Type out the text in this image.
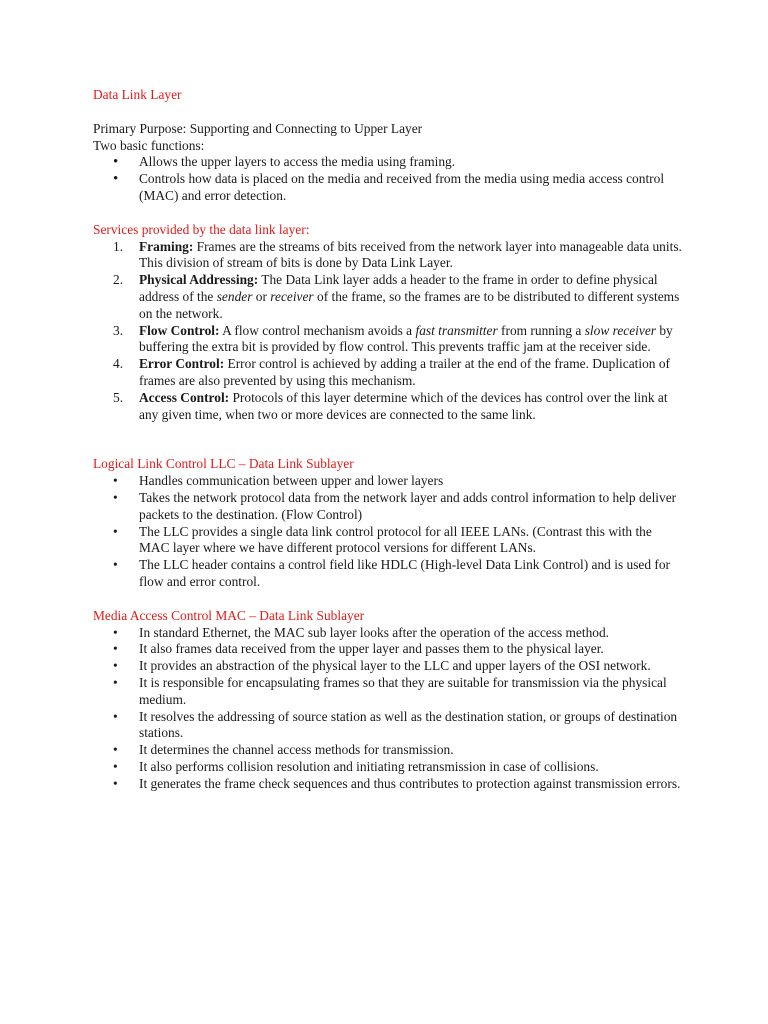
Data Link Layer

Primary Purpose: Supporting and Connecting to Upper Layer

Two basic functions:

• Allows the upper layers to access the media using framing.
• Controls how data is placed on the media and received from the media using media access control (MAC) and error detection.

Services provided by the data link layer:

1. Framing: Frames are the streams of bits received from the network layer into manageable data units. This division of stream of bits is done by Data Link Layer.
2. Physical Addressing: The Data Link layer adds a header to the frame in order to define physical address of the sender or receiver of the frame, so the frames are to be distributed to different systems on the network.
3. Flow Control: A flow control mechanism avoids a fast transmitter from running a slow receiver by buffering the extra bit is provided by flow control. This prevents traffic jam at the receiver side.
4. Error Control: Error control is achieved by adding a trailer at the end of the frame. Duplication of frames are also prevented by using this mechanism.
5. Access Control: Protocols of this layer determine which of the devices has control over the link at any given time, when two or more devices are connected to the same link.

Logical Link Control LLC – Data Link Sublayer

• Handles communication between upper and lower layers
• Takes the network protocol data from the network layer and adds control information to help deliver packets to the destination. (Flow Control)
• The LLC provides a single data link control protocol for all IEEE LANs. (Contrast this with the MAC layer where we have different protocol versions for different LANs.
• The LLC header contains a control field like HDLC (High-level Data Link Control) and is used for flow and error control.

Media Access Control MAC – Data Link Sublayer

• In standard Ethernet, the MAC sub layer looks after the operation of the access method.
• It also frames data received from the upper layer and passes them to the physical layer.
• It provides an abstraction of the physical layer to the LLC and upper layers of the OSI network.
• It is responsible for encapsulating frames so that they are suitable for transmission via the physical medium.
• It resolves the addressing of source station as well as the destination station, or groups of destination stations.
• It determines the channel access methods for transmission.
• It also performs collision resolution and initiating retransmission in case of collisions.
• It generates the frame check sequences and thus contributes to protection against transmission errors.
